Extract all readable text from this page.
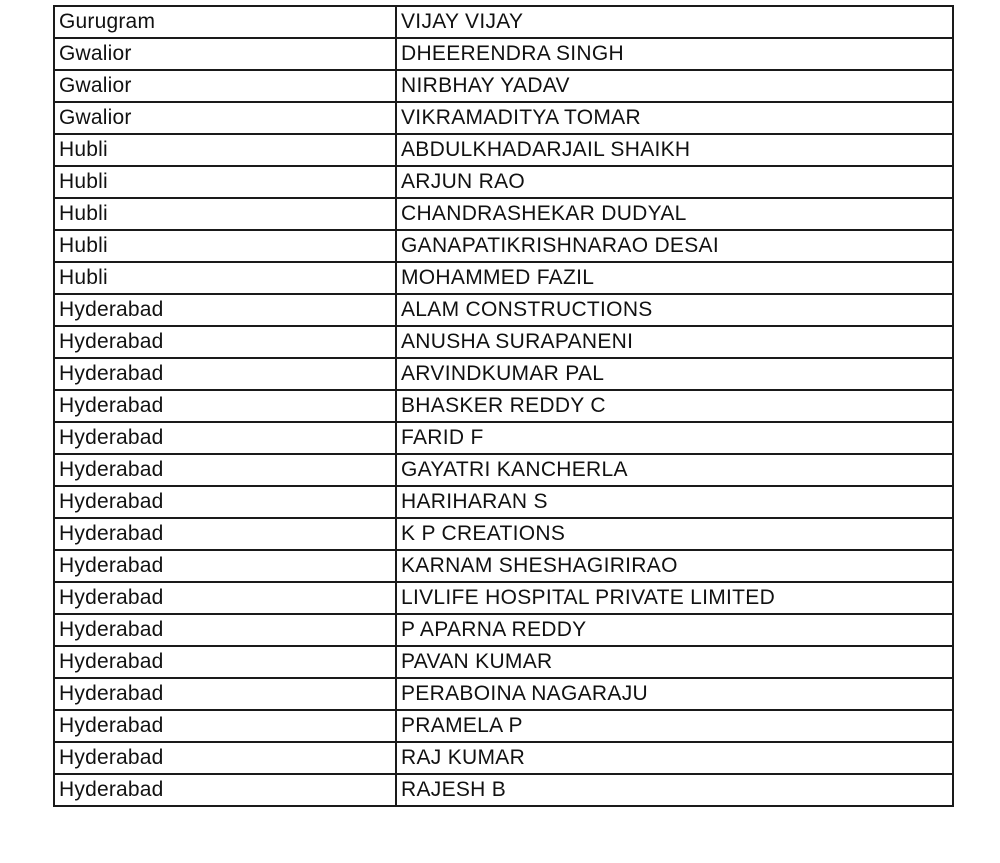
Gurugram	VIJAY VIJAY
Gwalior	DHEERENDRA SINGH
Gwalior	NIRBHAY YADAV
Gwalior	VIKRAMADITYA TOMAR
Hubli	ABDULKHADARJAIL SHAIKH
Hubli	ARJUN RAO
Hubli	CHANDRASHEKAR DUDYAL
Hubli	GANAPATIKRISHNARAO DESAI
Hubli	MOHAMMED FAZIL
Hyderabad	ALAM CONSTRUCTIONS
Hyderabad	ANUSHA SURAPANENI
Hyderabad	ARVINDKUMAR PAL
Hyderabad	BHASKER REDDY C
Hyderabad	FARID F
Hyderabad	GAYATRI KANCHERLA
Hyderabad	HARIHARAN S
Hyderabad	K P CREATIONS
Hyderabad	KARNAM SHESHAGIRIRAO
Hyderabad	LIVLIFE HOSPITAL PRIVATE LIMITED
Hyderabad	P APARNA REDDY
Hyderabad	PAVAN KUMAR
Hyderabad	PERABOINA NAGARAJU
Hyderabad	PRAMELA P
Hyderabad	RAJ KUMAR
Hyderabad	RAJESH B
